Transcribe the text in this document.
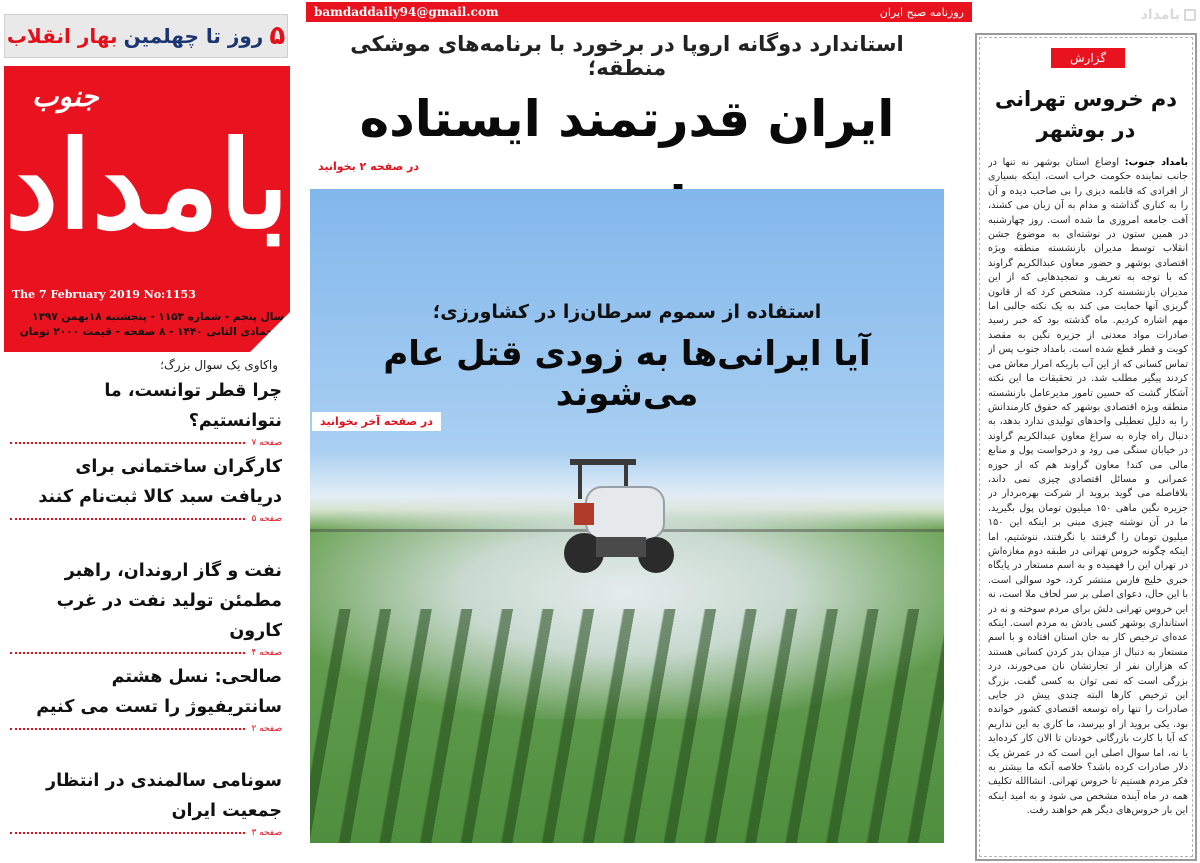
۵
روز تا چهلمین
بهار انقلاب
جنوب
بامداد
The 7 February 2019 No:1153
سال پنجم - شماره ۱۱۵۳ - پنجشنبه ۱۸بهمن ۱۳۹۷
۱ جمادی الثانی ۱۴۴۰ - ۸ صفحه - قیمت ۲۰۰۰ تومان
واکاوی یک سوال بزرگ؛
چرا قطر توانست، ما نتوانستیم؟
صفحه ۷
کارگران ساختمانی برای دریافت سبد کالا ثبت‌نام کنند
صفحه ۵
نفت و گاز اروندان، راهبر مطمئن تولید نفت در غرب کارون
صفحه ۴
صالحی: نسل هشتم سانتریفیوژ را تست می کنیم
صفحه ۲
سونامی سالمندی در انتظار جمعیت ایران
صفحه ۳
bamdaddaily94@gmail.com	روزنامه صبح ایران	بامداد
استاندارد دوگانه اروپا در برخورد با برنامه‌های موشکی منطقه؛
ایران قدرتمند ایستاده
در صفحه ۲ بخوانید
استفاده از سموم سرطان‌زا در کشاورزی؛
آیا ایرانی‌ها به زودی قتل عام می‌شوند
در صفحه آخر بخوانید
گزارش
دم خروس تهرانی در بوشهر
بامداد جنوب: اوضاع استان بوشهر نه تنها در جانب نماینده حکومت خراب است، اینکه بسیاری از افرادی که قابلمه دیزی را بی صاحب دیده و آن را به کناری گذاشته و مدام به آن زبان می کشند، آفت جامعه امروزی ما شده است. روز چهارشنبه در همین ستون در نوشته‌ای به موضوع جشن انقلاب توسط مدیران بازنشسته منطقه ویژه اقتصادی بوشهر و حضور معاون عبدالکریم گراوند که با توجه به تعریف و تمجیدهایی که از این مدیران بازنشسته کرد، مشخص کرد که از قانون گریزی آنها حمایت می کند به یک نکته جالبی اما مهم اشاره کردیم. ماه گذشته بود که خبر رسید صادرات مواد معدنی از جزیره نگین به مقصد کویت و قطر قطع شده است. بامداد جنوب پس از تماس کسانی که از این آب باریکه امرار معاش می کردند پیگیر مطلب شد. در تحقیقات ما این نکته آشکار گشت که حسین تامور مدیرعامل بازنشسته منطقه ویژه اقتصادی بوشهر که حقوق کارمندانش را به دلیل تعطیلی واحدهای تولیدی ندارد بدهد، به دنبال راه چاره به سراغ معاون عبدالکریم گراوند در خیابان سنگی می رود و درخواست پول و منابع مالی می کند! معاون گراوند هم که از حوزه عمرانی و مسائل اقتصادی چیزی نمی داند، بلافاصله می گوید بروید از شرکت بهره‌بردار در جزیره نگین ماهی ۱۵۰ میلیون تومان پول بگیرید. ما در آن نوشته چیزی مبنی بر اینکه این ۱۵۰ میلیون تومان را گرفتند یا نگرفتند، ننوشتیم، اما اینکه چگونه خروس تهرانی در طبقه دوم مغازه‌اش در تهران این را فهمیده و به اسم مستعار در پایگاه خبری خلیج فارس منتشر کرد، خود سوالی است. با این حال، دعوای اصلی بر سر لحاف ملا است، نه این خروس تهرانی دلش برای مردم سوخته و نه در استانداری بوشهر کسی یادش به مردم است. اینکه عده‌ای ترخیص کار به جان استان افتاده و با اسم مستعار به دنبال از میدان بدر کردن کسانی هستند که هزاران نفر از تجارتشان نان می‌خورند، درد بزرگی است که نمی توان به کسی گفت. بزرگ این ترخیص کارها البته چندی پیش در جایی صادرات را تنها راه توسعه اقتصادی کشور خوانده بود. یکی بروید از او بپرسد، ما کاری به این نداریم که آیا با کارت بازرگانی خودتان تا الان کار کرده‌اید یا نه، اما سوال اصلی این است که در عمرش یک دلار صادرات کرده باشد؟ خلاصه آنکه ما بیشتر به فکر مردم هستیم تا خروس تهرانی. انشاالله تکلیف همه در ماه آینده مشخص می شود و به امید اینکه این بار خروس‌های دیگر هم خواهند رفت.
